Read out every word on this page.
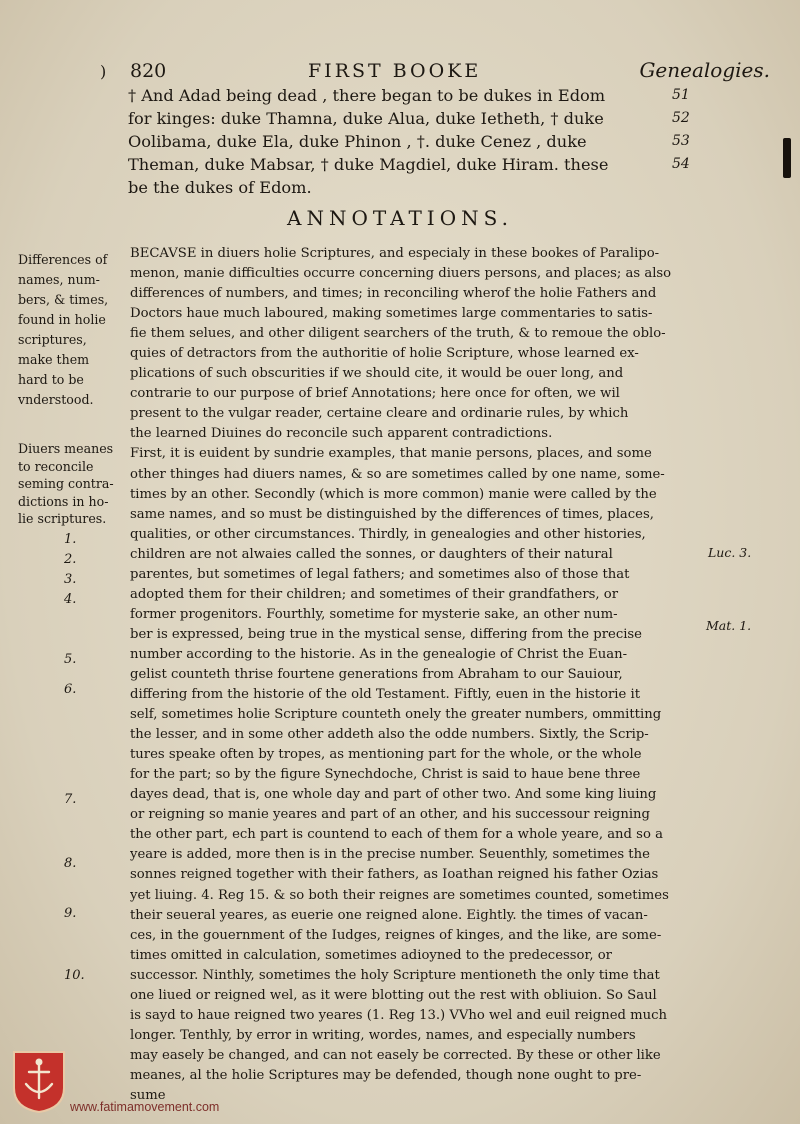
) 820	FIRST BOOKE	Genealogies.
† And Adad being dead , there began to be dukes in Edom
for kinges: duke Thamna, duke Alua, duke Ietheth, † duke
Oolibama, duke Ela, duke Phinon , †. duke Cenez , duke
Theman, duke Mabsar, † duke Magdiel, duke Hiram. these
be the dukes of Edom.
51
52
53
54
ANNOTATIONS.
BECAVSE in diuers holie Scriptures, and especialy in these bookes of Paralipo-
menon, manie difficulties occurre concerning diuers persons, and places; as also
differences of numbers, and times; in reconciling wherof the holie Fathers and
Doctors haue much laboured, making sometimes large commentaries to satis-
fie them selues, and other diligent searchers of the truth, & to remoue the oblo-
quies of detractors from the authoritie of holie Scripture, whose learned ex-
plications of such obscurities if we should cite, it would be ouer long, and
contrarie to our purpose of brief Annotations; here once for often, we wil
present to the vulgar reader, certaine cleare and ordinarie rules, by which
the learned Diuines do reconcile such apparent contradictions.
First, it is euident by sundrie examples, that manie persons, places, and some
other thinges had diuers names, & so are sometimes called by one name, some-
times by an other. Secondly (which is more common) manie were called by the
same names, and so must be distinguished by the differences of times, places,
qualities, or other circumstances. Thirdly, in genealogies and other histories,
children are not alwaies called the sonnes, or daughters of their natural
parentes, but sometimes of legal fathers; and sometimes also of those that
adopted them for their children; and sometimes of their grandfathers, or
former progenitors. Fourthly, sometime for mysterie sake, an other num-
ber is expressed, being true in the mystical sense, differing from the precise
number according to the historie. As in the genealogie of Christ the Euan-
gelist counteth thrise fourtene generations from Abraham to our Sauiour,
differing from the historie of the old Testament. Fiftly, euen in the historie it
self, sometimes holie Scripture counteth onely the greater numbers, ommitting
the lesser, and in some other addeth also the odde numbers. Sixtly, the Scrip-
tures speake often by tropes, as mentioning part for the whole, or the whole
for the part; so by the figure Synechdoche, Christ is said to haue bene three
dayes dead, that is, one whole day and part of other two. And some king liuing
or reigning so manie yeares and part of an other, and his successour reigning
the other part, ech part is countend to each of them for a whole yeare, and so a
yeare is added, more then is in the precise number. Seuenthly, sometimes the
sonnes reigned together with their fathers, as Ioathan reigned his father Ozias
yet liuing. 4. Reg 15. & so both their reignes are sometimes counted, sometimes
their seueral yeares, as euerie one reigned alone. Eightly. the times of vacan-
ces, in the gouernment of the Iudges, reignes of kinges, and the like, are some-
times omitted in calculation, sometimes adioyned to the predecessor, or
successor. Ninthly, sometimes the holy Scripture mentioneth the only time that
one liued or reigned wel, as it were blotting out the rest with obliuion. So Saul
is sayd to haue reigned two yeares (1. Reg 13.) VVho wel and euil reigned much
longer. Tenthly, by error in writing, wordes, names, and especially numbers
may easely be changed, and can not easely be corrected. By these or other like
meanes, al the holie Scriptures may be defended, though none ought to pre-
sume
Differences of
names, num-
bers, & times,
found in holie
scriptures,
make them
hard to be
vnderstood.
Diuers meanes
to reconcile
seming contra-
dictions in ho-
lie scriptures.
1.
2.
3.
4.
5.
6.
7.
8.
9.
10.
Luc. 3.
Mat. 1.
www.fatimamovement.com
